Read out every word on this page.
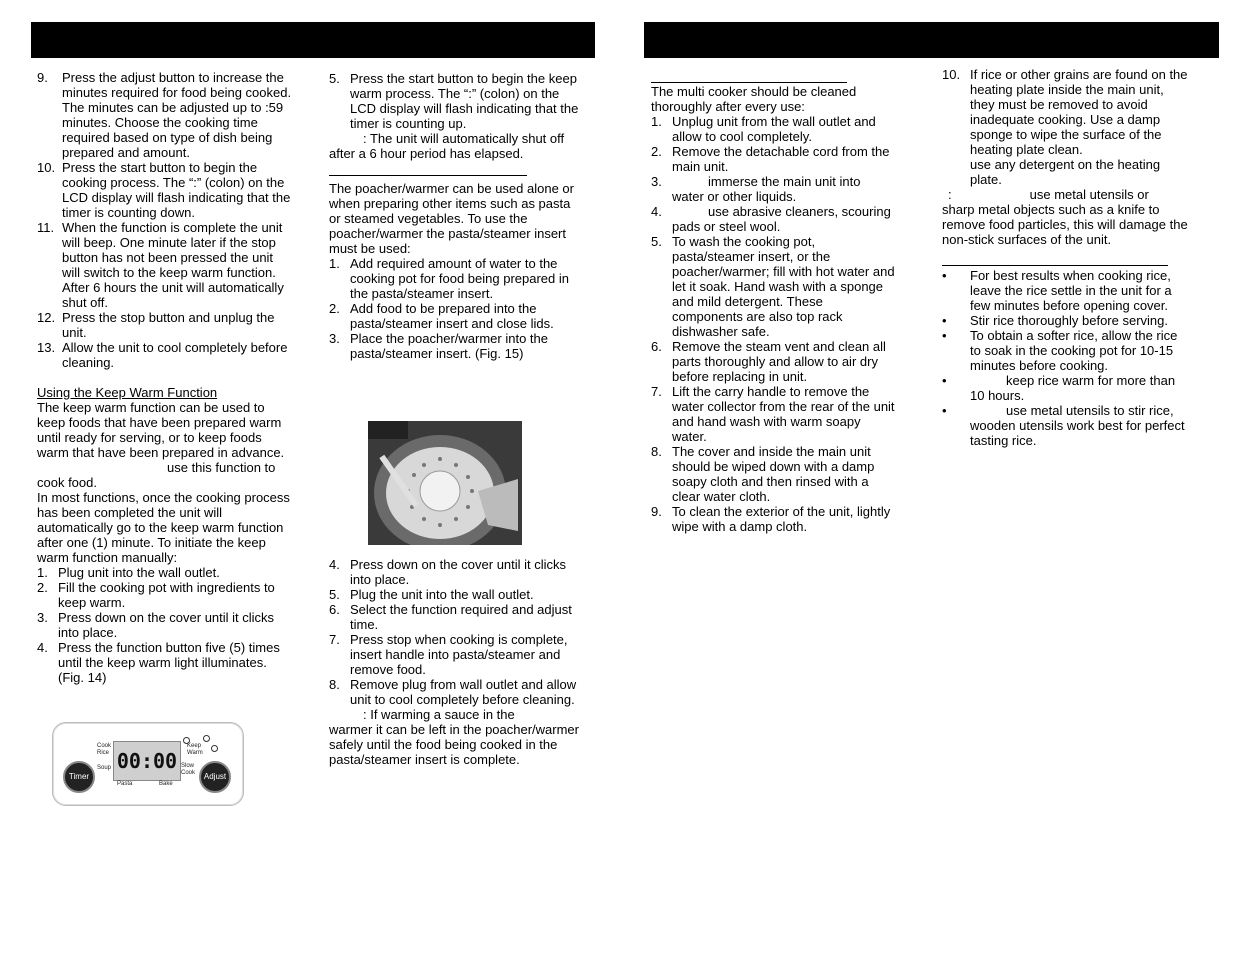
9. Press the adjust button to increase the minutes required for food being cooked. The minutes can be adjusted up to :59 minutes. Choose the cooking time required based on type of dish being prepared and amount.
10. Press the start button to begin the cooking process. The “:” (colon) on the LCD display will flash indicating that the timer is counting down.
11. When the function is complete the unit will beep. One minute later if the stop button has not been pressed the unit will switch to the keep warm function. After 6 hours the unit will automatically shut off.
12. Press the stop button and unplug the unit.
13. Allow the unit to cool completely before cleaning.

Using the Keep Warm Function

The keep warm function can be used to keep foods that have been prepared warm until ready for serving, or to keep foods warm that have been prepared in advance.

use this function to

cook food.

In most functions, once the cooking process has been completed the unit will automatically go to the keep warm function after one (1) minute. To initiate the keep warm function manually:

1. Plug unit into the wall outlet.
2. Fill the cooking pot with ingredients to keep warm.
3. Press down on the cover until it clicks into place.
4. Press the function button five (5) times until the keep warm light illuminates. (Fig. 14)
00:00
Timer	Adjust
Cook Rice
Soup
Pasta	Bake
Keep Warm
Slow Cook
5. Press the start button to begin the keep warm process. The “:” (colon) on the LCD display will flash indicating that the timer is counting up.

: The unit will automatically shut off

after a 6 hour period has elapsed.

The poacher/warmer can be used alone or when preparing other items such as pasta or steamed vegetables. To use the poacher/warmer the pasta/steamer insert must be used:

1. Add required amount of water to the cooking pot for food being prepared in the pasta/steamer insert.
2. Add food to be prepared into the pasta/steamer insert and close lids.
3. Place the poacher/warmer into the pasta/steamer insert. (Fig. 15)
4. Press down on the cover until it clicks into place.
5. Plug the unit into the wall outlet.
6. Select the function required and adjust time.
7. Press stop when cooking is complete, insert handle into pasta/steamer and remove food.
8. Remove plug from wall outlet and allow unit to cool completely before cleaning.

: If warming a sauce in the

warmer it can be left in the poacher/warmer safely until the food being cooked in the pasta/steamer insert is complete.

The multi cooker should be cleaned thoroughly after every use:

1. Unplug unit from the wall outlet and allow to cool completely.
2. Remove the detachable cord from the main unit.
3.	immerse the main unit into water or other liquids.
4.	use abrasive cleaners, scouring pads or steel wool.
5. To wash the cooking pot, pasta/steamer insert, or the poacher/warmer; fill with hot water and let it soak. Hand wash with a sponge and mild detergent. These components are also top rack dishwasher safe.
6. Remove the steam vent and clean all parts thoroughly and allow to air dry before replacing in unit.
7. Lift the carry handle to remove the water collector from the rear of the unit and hand wash with warm soapy water.
8. The cover and inside the main unit should be wiped down with a damp soapy cloth and then rinsed with a clear water cloth.
9. To clean the exterior of the unit, lightly wipe with a damp cloth.
10. If rice or other grains are found on the heating plate inside the main unit, they must be removed to avoid inadequate cooking. Use a damp sponge to wipe the surface of the heating plate clean.
use any detergent on the heating plate.

:	use metal utensils or

sharp metal objects such as a knife to remove food particles, this will damage the non-stick surfaces of the unit.

• For best results when cooking rice, leave the rice settle in the unit for a few minutes before opening cover.
• Stir rice thoroughly before serving.
• To obtain a softer rice, allow the rice to soak in the cooking pot for 10-15 minutes before cooking.
•	keep rice warm for more than 10 hours.
•	use metal utensils to stir rice, wooden utensils work best for perfect tasting rice.
